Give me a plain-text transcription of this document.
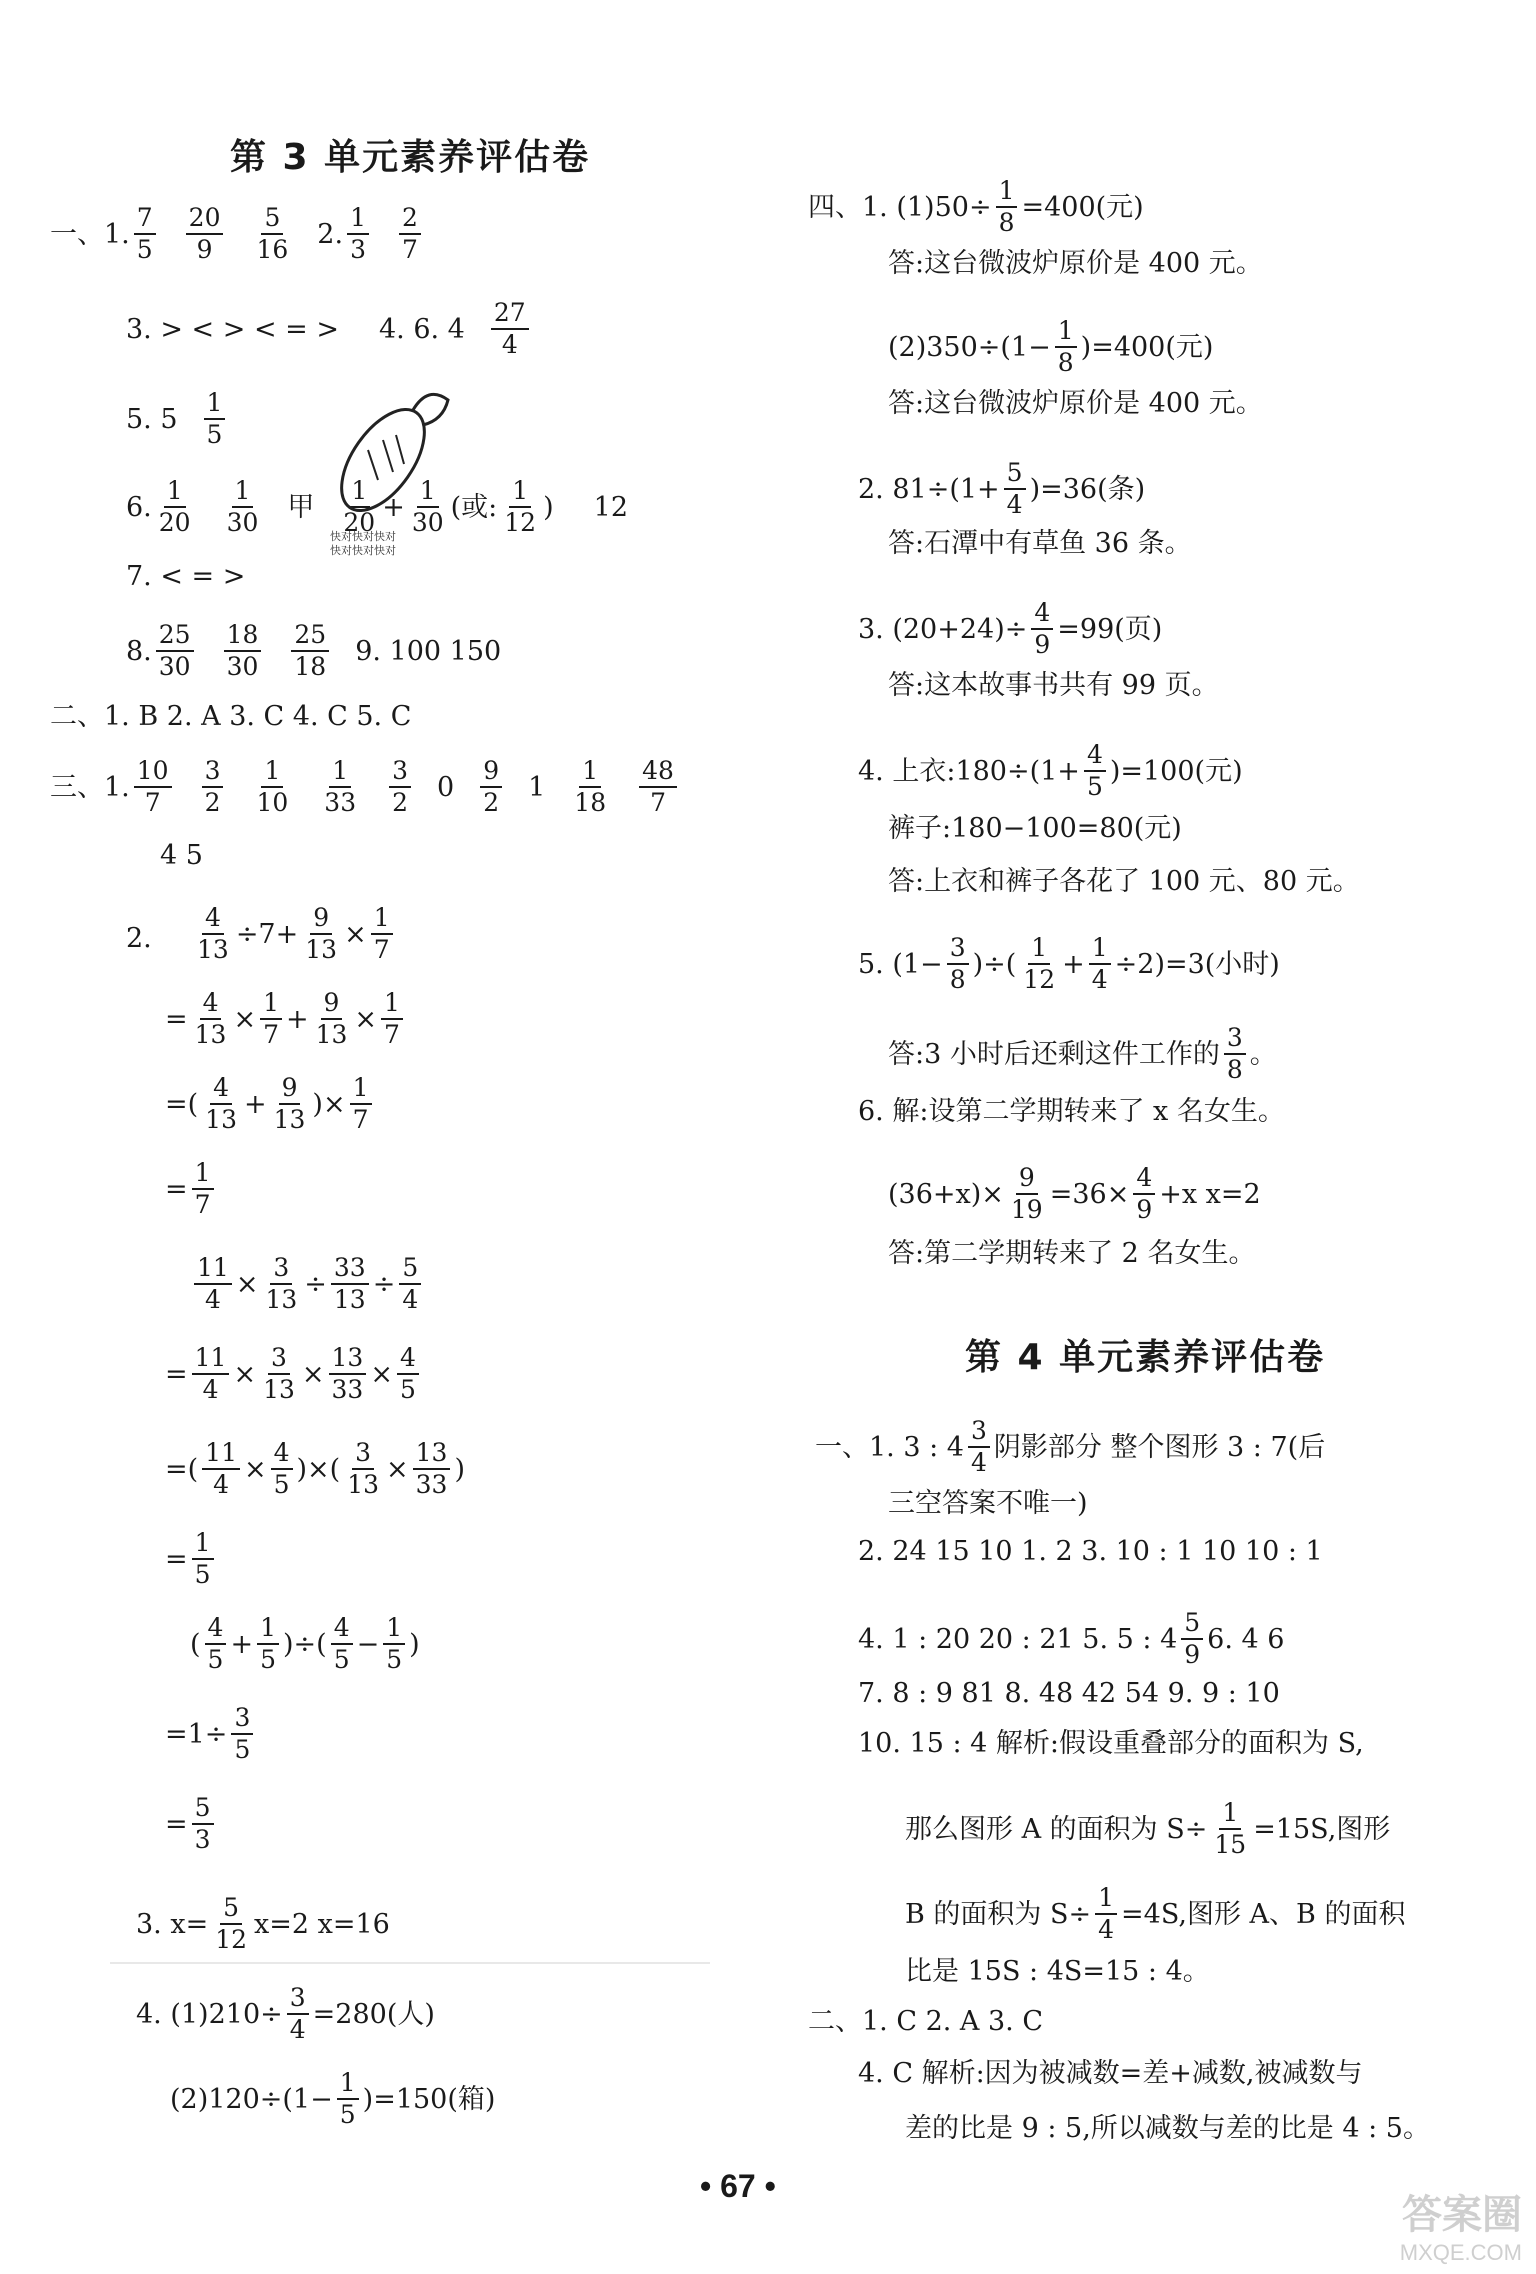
第 3 单元素养评估卷
一、1. $\frac{7}{5} \frac{20}{9} \frac{5}{16} 2$. $\frac{1}{3} \frac{2}{7}$
3. > < > < = > 4. 6. $4 \frac{27}{4}$
5. $5 \frac{1}{5}$
6. $\frac{1}{20} \frac{1}{30}$ 甲 $\frac{1}{20} + \frac{1}{30}$ (或: $\frac{1}{12}$ ) 12
7. < = >
8. $\frac{25}{30} \frac{18}{30} \frac{25}{18} 9$. 100 150
二、1. B 2. A 3. C 4. C 5. C
三、1. $\frac{10}{7} \frac{3}{2} \frac{1}{10} \frac{1}{33} \frac{3}{2} 0 \frac{9}{2} 1 \frac{1}{18} \frac{48}{7}$
4 5
2. $\frac{4}{13} \div 7+ \frac{9}{13} \times \frac{1}{7}$
= $\frac{4}{13} \times \frac{1}{7} + \frac{9}{13} \times \frac{1}{7}$
=( $\frac{4}{13} + \frac{9}{13}$ )× $\frac{1}{7}$
= $\frac{1}{7}$
$\frac{11}{4} \times \frac{3}{13} \div \frac{33}{13} \div \frac{5}{4}$
= $\frac{11}{4} \times \frac{3}{13} \times \frac{13}{33} \times \frac{4}{5}$
=( $\frac{11}{4} \times \frac{4}{5}$ )×( $\frac{3}{13} \times \frac{13}{33}$ )
= $\frac{1}{5}$
( $\frac{4}{5} + \frac{1}{5}$ )÷( $\frac{4}{5} - \frac{1}{5}$ )
$=1\div \frac{3}{5}$
= $\frac{5}{3}$
3. $x= \frac{5}{12} x=2$ x=16
4. $(1)210\div \frac{3}{4} =280$(人)
$(2)120\div(1- \frac{1}{5} )=150$(箱)
快对快对快对
快对快对快对
四、1. $(1)50\div \frac{1}{8} =400$(元)
答:这台微波炉原价是 400 元。
$(2)350\div(1- \frac{1}{8} )=400$(元)
答:这台微波炉原价是 400 元。
2. $81\div(1+ \frac{5}{4} )=36$(条)
答:石潭中有草鱼 36 条。
3. $(20+24)\div \frac{4}{9} =99$(页)
答:这本故事书共有 99 页。
4. 上衣:180÷(1+ $\frac{4}{5} )=100$(元)
裤子:180−100=80(元)
答:上衣和裤子各花了 100 元、80 元。
5. ($1- \frac{3}{8}$ )÷( $\frac{1}{12} + \frac{1}{4} \div 2)=3$(小时)
答:3 小时后还剩这件工作的 $\frac{3}{8}$ 。
6. 解:设第二学期转来了 x 名女生。
$(36+x)\times \frac{9}{19} =36\times \frac{4}{9} +x$ x=2
答:第二学期转来了 2 名女生。
第 4 单元素养评估卷
一、1. 3 : $4 \frac{3}{4}$ 阴影部分 整个图形 3 : 7(后
三空答案不唯一)
2. 24 15 10 1. 2 3. 10 : 1 10 10 : 1
4. 1 : 20 20 : 21 5. 5 : $4 \frac{5}{9} 6$. 4 6
7. 8 : 9 81 8. 48 42 54 9. 9 : 10
10. 15 : 4 解析:假设重叠部分的面积为 S,
那么图形 A 的面积为 $S\div \frac{1}{15} =15S$,图形
B 的面积为 $S\div \frac{1}{4} =4S$,图形 A、B 的面积
比是 15S : 4S=15 : 4。
二、1. C 2. A 3. C
4. C 解析:因为被减数=差+减数,被减数与
差的比是 9 : 5,所以减数与差的比是 4 : 5。
• 67 •
答案圈
MXQE.COM
